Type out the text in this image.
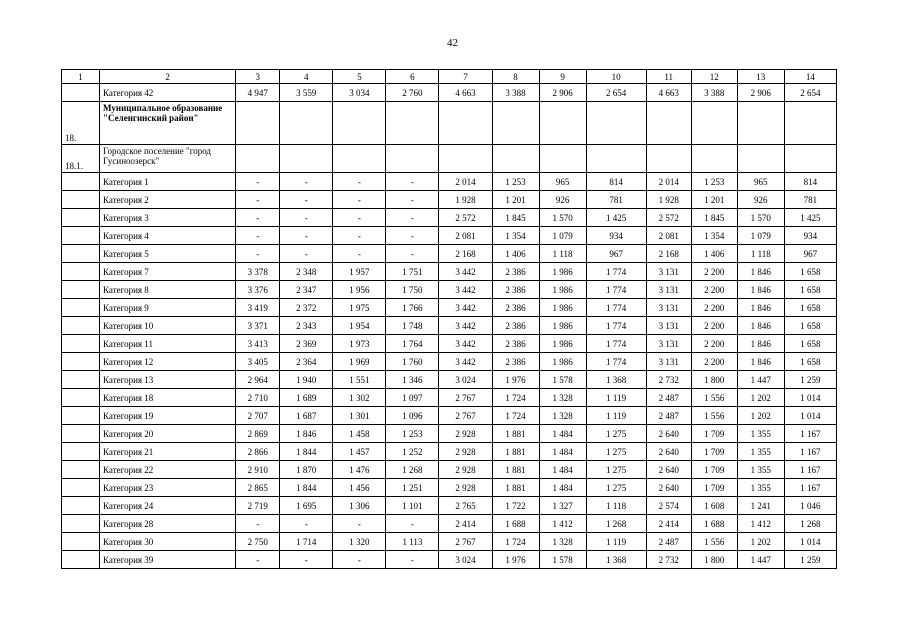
42
1	2	3	4	5	6	7	8	9	10	11	12	13	14
	Категория 42	4 947	3 559	3 034	2 760	4 663	3 388	2 906	2 654	4 663	3 388	2 906	2 654
18.	Муниципальное образование "Селенгинский район"												
18.1.	Городское поселение "город Гусиноозерск"												
	Категория 1	-	-	-	-	2 014	1 253	965	814	2 014	1 253	965	814
	Категория 2	-	-	-	-	1 928	1 201	926	781	1 928	1 201	926	781
	Категория 3	-	-	-	-	2 572	1 845	1 570	1 425	2 572	1 845	1 570	1 425
	Категория 4	-	-	-	-	2 081	1 354	1 079	934	2 081	1 354	1 079	934
	Категория 5	-	-	-	-	2 168	1 406	1 118	967	2 168	1 406	1 118	967
	Категория 7	3 378	2 348	1 957	1 751	3 442	2 386	1 986	1 774	3 131	2 200	1 846	1 658
	Категория 8	3 376	2 347	1 956	1 750	3 442	2 386	1 986	1 774	3 131	2 200	1 846	1 658
	Категория 9	3 419	2 372	1 975	1 766	3 442	2 386	1 986	1 774	3 131	2 200	1 846	1 658
	Категория 10	3 371	2 343	1 954	1 748	3 442	2 386	1 986	1 774	3 131	2 200	1 846	1 658
	Категория 11	3 413	2 369	1 973	1 764	3 442	2 386	1 986	1 774	3 131	2 200	1 846	1 658
	Категория 12	3 405	2 364	1 969	1 760	3 442	2 386	1 986	1 774	3 131	2 200	1 846	1 658
	Категория 13	2 964	1 940	1 551	1 346	3 024	1 976	1 578	1 368	2 732	1 800	1 447	1 259
	Категория 18	2 710	1 689	1 302	1 097	2 767	1 724	1 328	1 119	2 487	1 556	1 202	1 014
	Категория 19	2 707	1 687	1 301	1 096	2 767	1 724	1 328	1 119	2 487	1 556	1 202	1 014
	Категория 20	2 869	1 846	1 458	1 253	2 928	1 881	1 484	1 275	2 640	1 709	1 355	1 167
	Категория 21	2 866	1 844	1 457	1 252	2 928	1 881	1 484	1 275	2 640	1 709	1 355	1 167
	Категория 22	2 910	1 870	1 476	1 268	2 928	1 881	1 484	1 275	2 640	1 709	1 355	1 167
	Категория 23	2 865	1 844	1 456	1 251	2 928	1 881	1 484	1 275	2 640	1 709	1 355	1 167
	Категория 24	2 719	1 695	1 306	1 101	2 765	1 722	1 327	1 118	2 574	1 608	1 241	1 046
	Категория 28	-	-	-	-	2 414	1 688	1 412	1 268	2 414	1 688	1 412	1 268
	Категория 30	2 750	1 714	1 320	1 113	2 767	1 724	1 328	1 119	2 487	1 556	1 202	1 014
	Категория 39	-	-	-	-	3 024	1 976	1 578	1 368	2 732	1 800	1 447	1 259
